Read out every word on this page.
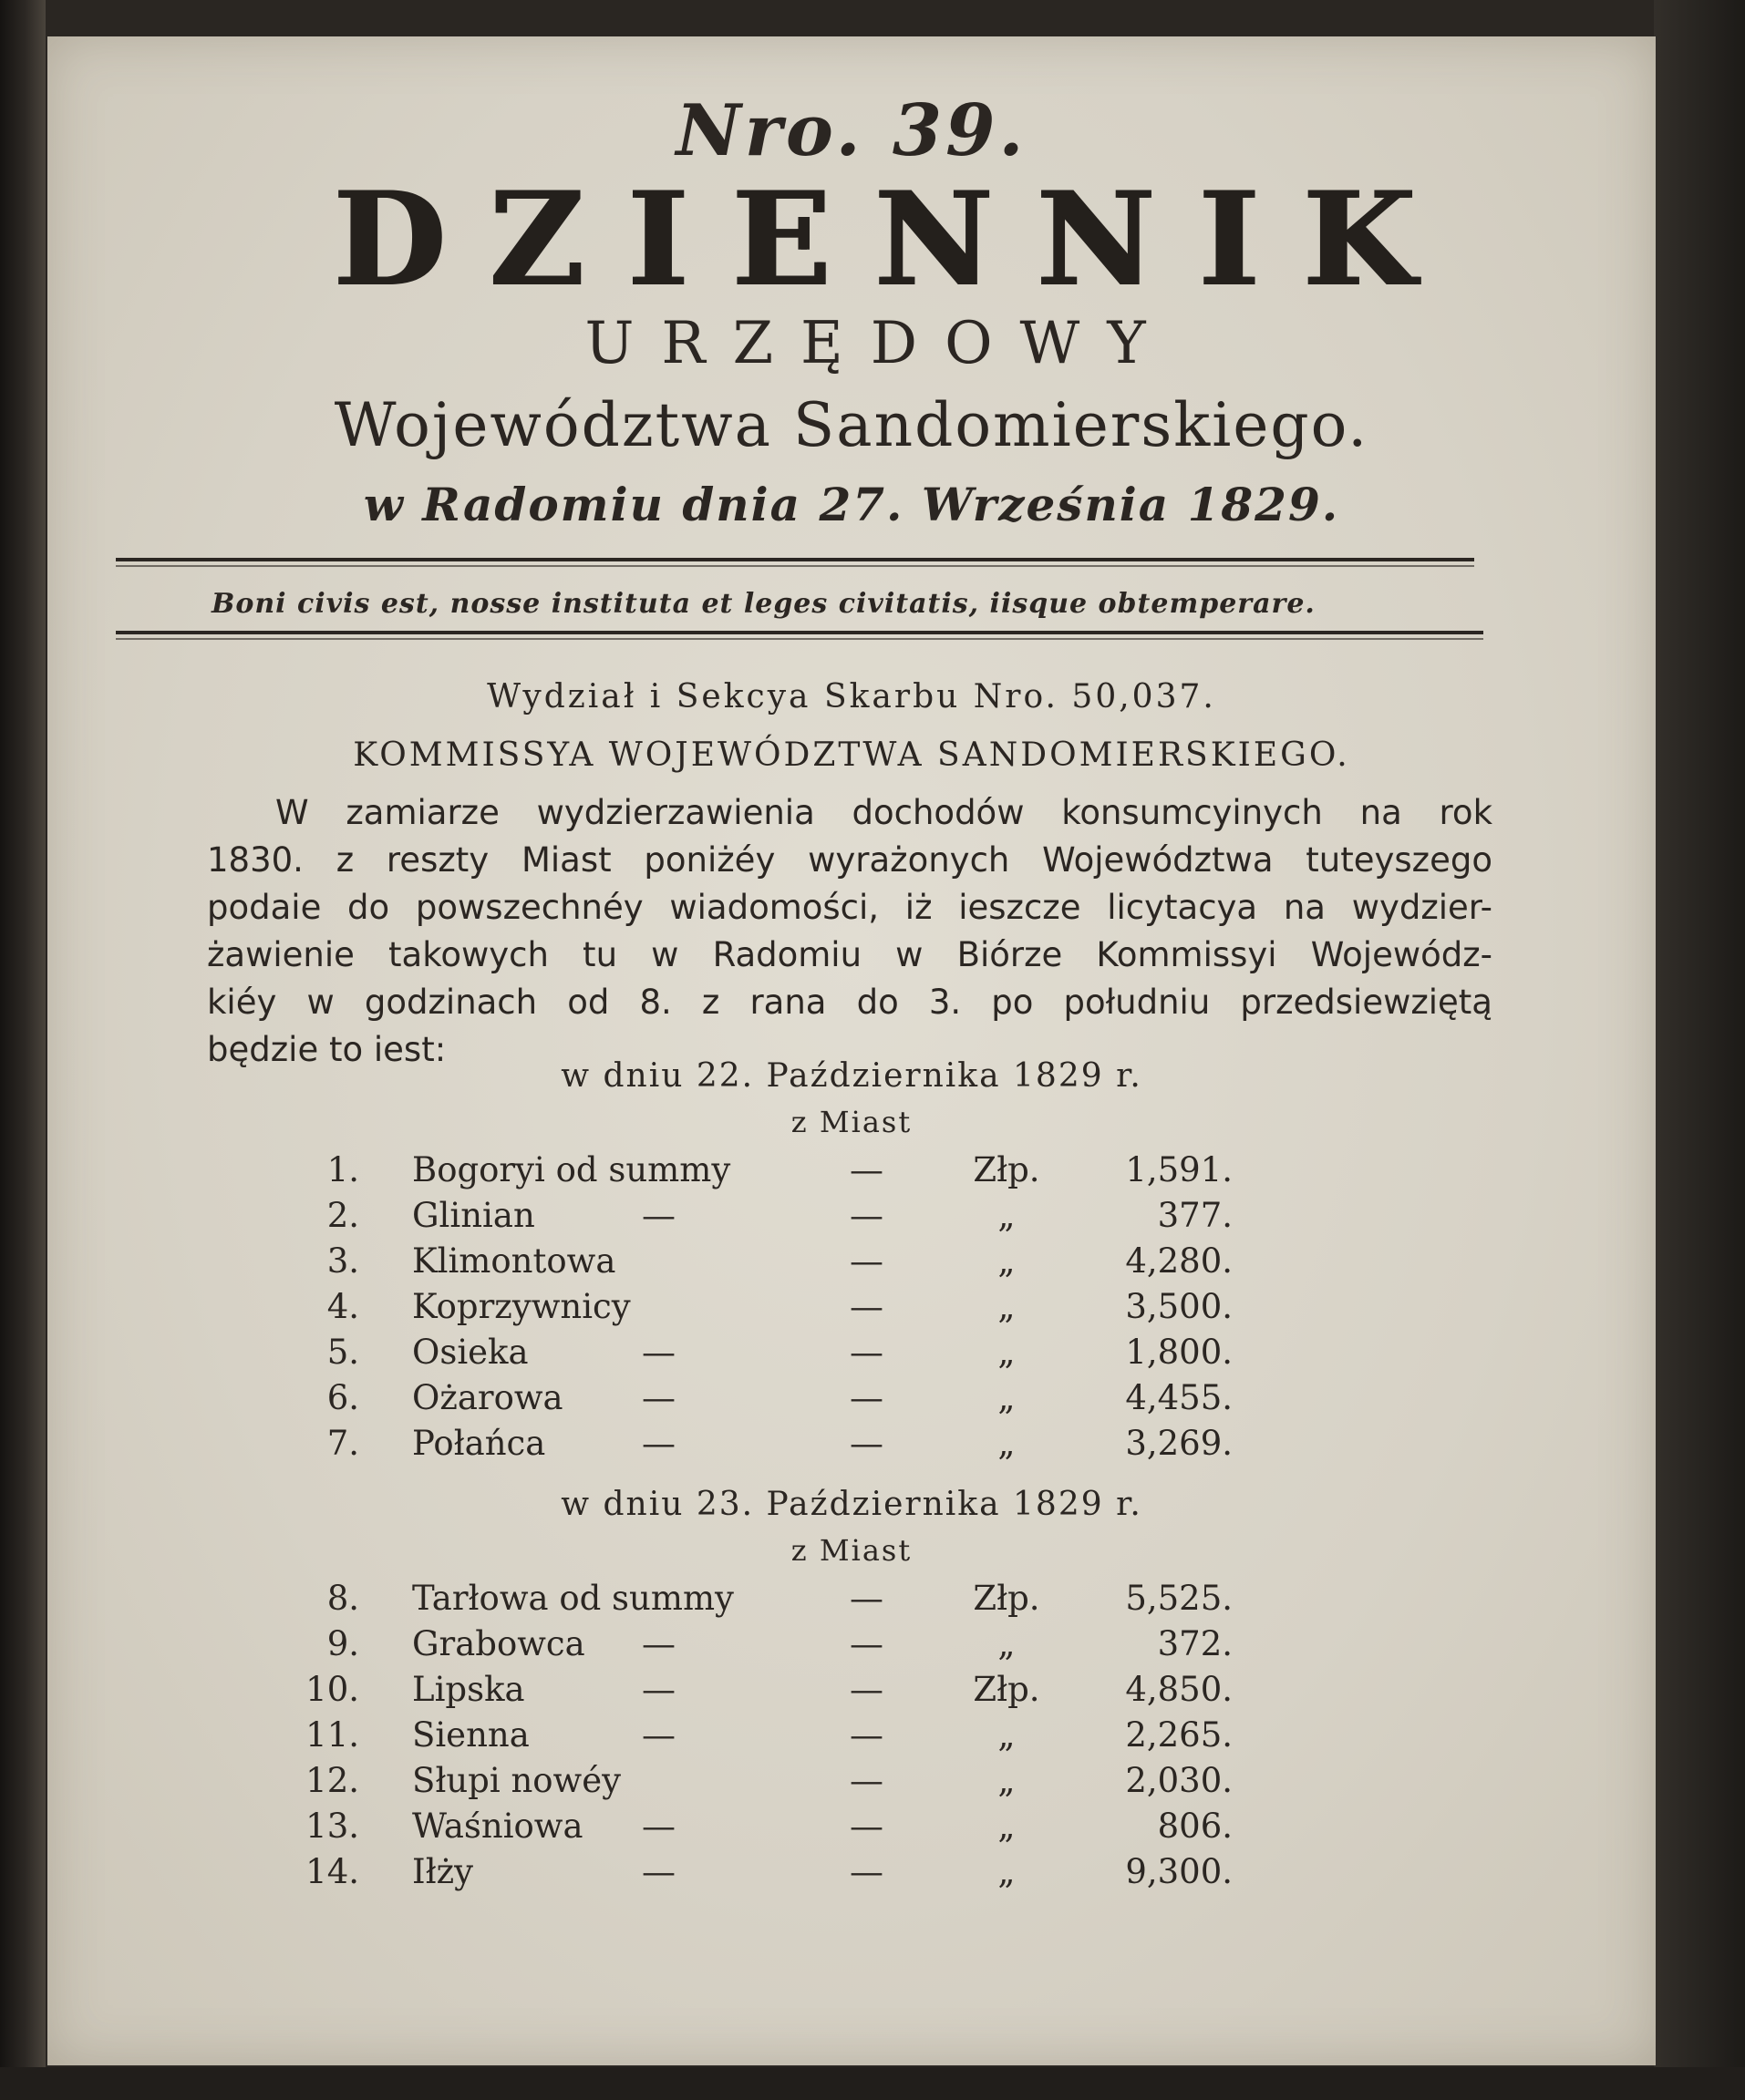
Nro. 39.
DZIENNIK
URZĘDOWY
Województwa Sandomierskiego.
w Radomiu dnia 27. Września 1829.
Boni civis est, nosse instituta et leges civitatis, iisque obtemperare.
Wydział i Sekcya Skarbu Nro. 50,037.
KOMMISSYA WOJEWÓDZTWA SANDOMIERSKIEGO.
W zamiarze wydzierzawienia dochodów konsumcyinych na rok
1830. z reszty Miast poniżéy wyrażonych Województwa tuteyszego
podaie do powszechnéy wiadomości, iż ieszcze licytacya na wydzier-
żawienie takowych tu w Radomiu w Biórze Kommissyi Wojewódz-
kiéy w godzinach od 8. z rana do 3. po południu przedsiewziętą
będzie to iest:
w dniu 22. Października 1829 r.
z Miast
1. Bogoryi od summy	—	Złp.	1,591.
2. Glinian	—	—	„	377.
3. Klimontowa	—	„	4,280.
4. Koprzywnicy	—	„	3,500.
5. Osieka	—	—	„	1,800.
6. Ożarowa —	—	„	4,455.
7. Połańca	—	—	„	3,269.
w dniu 23. Października 1829 r.
z Miast
8. Tarłowa od summy	—	Złp.	5,525.
9. Grabowca —	—	„	372.
10. Lipska	—	—	Złp.	4,850.
11. Sienna	—	—	„	2,265.
12. Słupi nowéy	—	„	2,030.
13. Waśniowa —	—	„	806.
14. Iłży	—	—	„	9,300.
